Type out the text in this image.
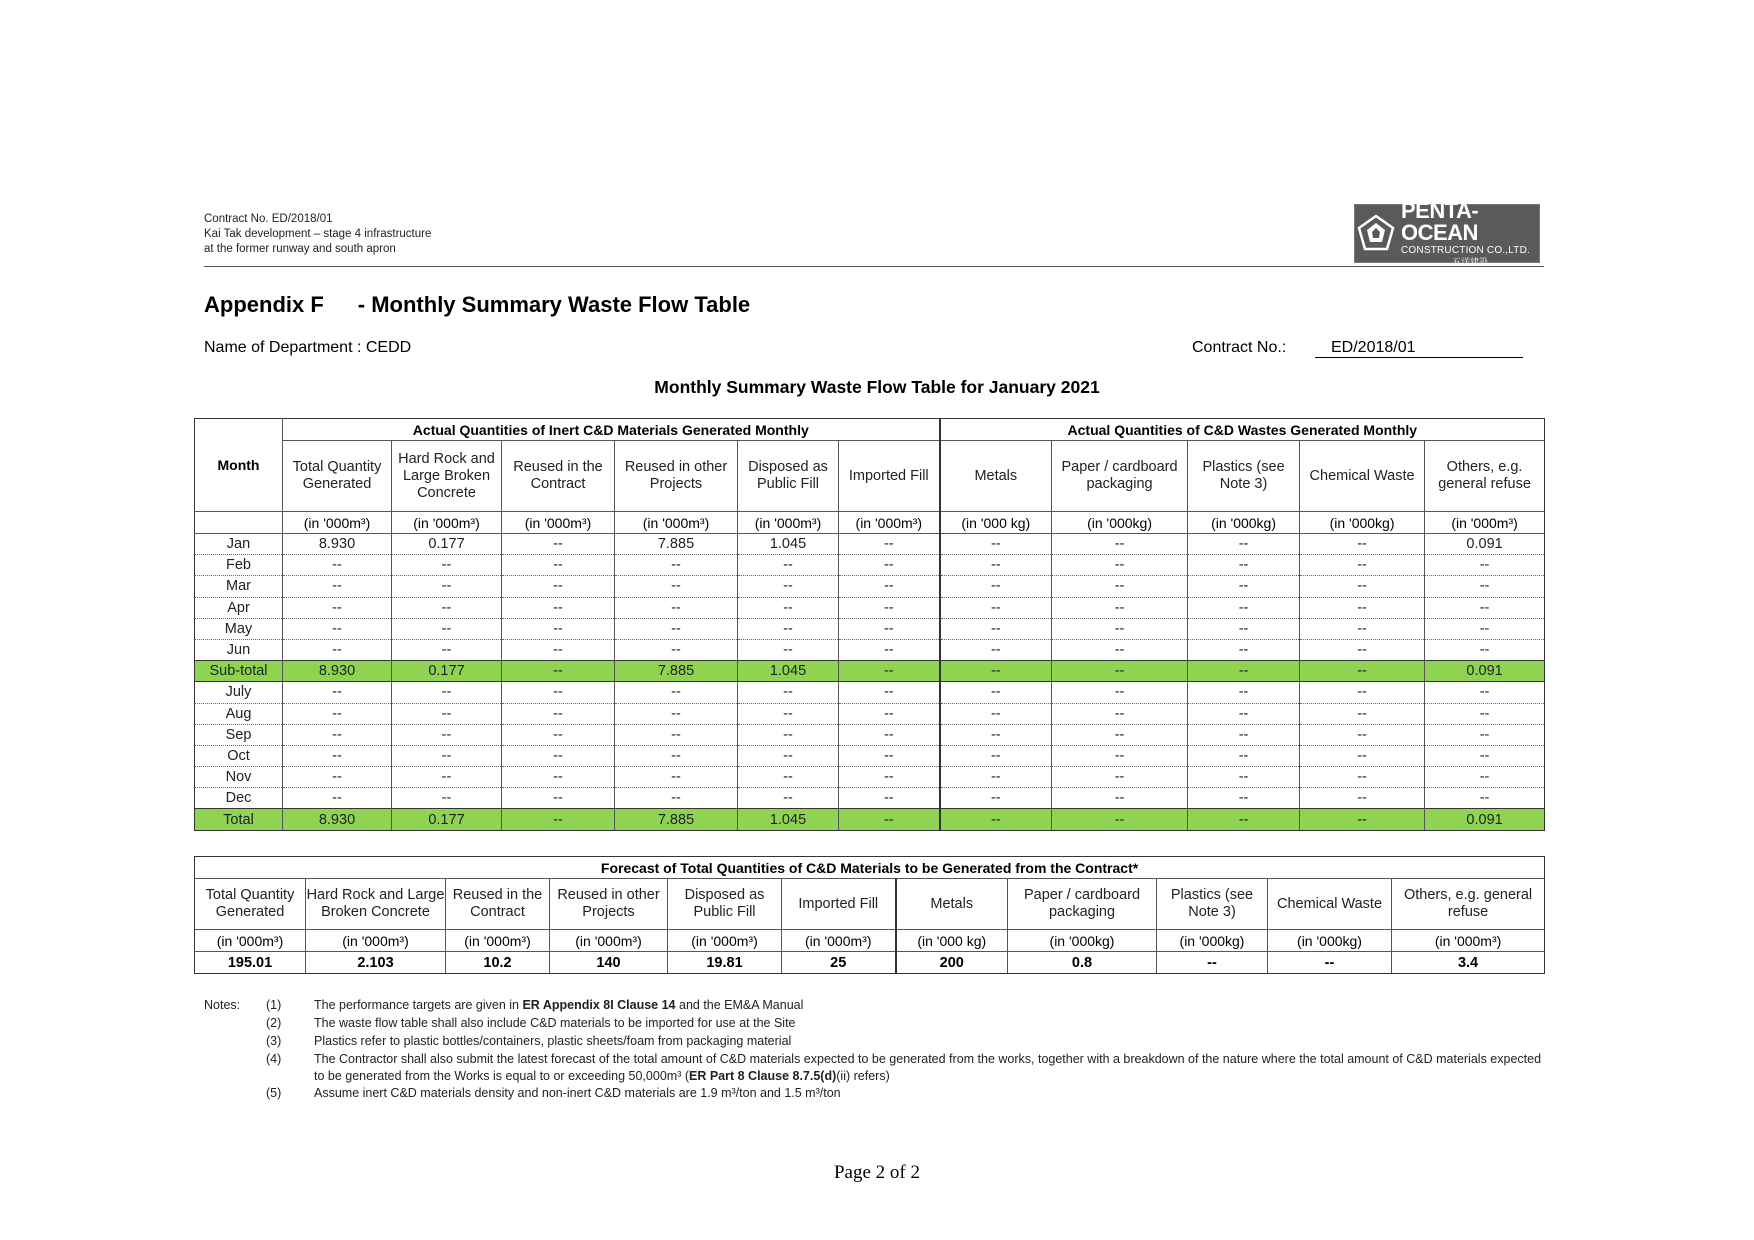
Contract No. ED/2018/01
Kai Tak development – stage 4 infrastructure
at the former runway and south apron
PENTA-OCEAN
CONSTRUCTION CO.,LTD.
五洋建設
Appendix F - Monthly Summary Waste Flow Table
Name of Department : CEDD	Contract No.:	ED/2018/01
Monthly Summary Waste Flow Table for January 2021
Month	Actual Quantities of Inert C&D Materials Generated Monthly						Actual Quantities of C&D Wastes Generated Monthly				
	Total Quantity Generated	Hard Rock and Large Broken Concrete	Reused in the Contract	Reused in other Projects	Disposed as Public Fill	Imported Fill	Metals	Paper / cardboard packaging	Plastics (see Note 3)	Chemical Waste	Others, e.g. general refuse
	(in '000m³)	(in '000m³)	(in '000m³)	(in '000m³)	(in '000m³)	(in '000m³)	(in '000 kg)	(in '000kg)	(in '000kg)	(in '000kg)	(in '000m³)
Jan	8.930	0.177	--	7.885	1.045	--	--	--	--	--	0.091
Feb	--	--	--	--	--	--	--	--	--	--	--
Mar	--	--	--	--	--	--	--	--	--	--	--
Apr	--	--	--	--	--	--	--	--	--	--	--
May	--	--	--	--	--	--	--	--	--	--	--
Jun	--	--	--	--	--	--	--	--	--	--	--
Sub-total	8.930	0.177	--	7.885	1.045	--	--	--	--	--	0.091
July	--	--	--	--	--	--	--	--	--	--	--
Aug	--	--	--	--	--	--	--	--	--	--	--
Sep	--	--	--	--	--	--	--	--	--	--	--
Oct	--	--	--	--	--	--	--	--	--	--	--
Nov	--	--	--	--	--	--	--	--	--	--	--
Dec	--	--	--	--	--	--	--	--	--	--	--
Total	8.930	0.177	--	7.885	1.045	--	--	--	--	--	0.091
Forecast of Total Quantities of C&D Materials to be Generated from the Contract*										
Total Quantity Generated	Hard Rock and Large Broken Concrete	Reused in the Contract	Reused in other Projects	Disposed as Public Fill	Imported Fill	Metals	Paper / cardboard packaging	Plastics (see Note 3)	Chemical Waste	Others, e.g. general refuse
(in '000m³)	(in '000m³)	(in '000m³)	(in '000m³)	(in '000m³)	(in '000m³)	(in '000 kg)	(in '000kg)	(in '000kg)	(in '000kg)	(in '000m³)
195.01	2.103	10.2	140	19.81	25	200	0.8	--	--	3.4
Notes:	(1)	The performance targets are given in ER Appendix 8I Clause 14 and the EM&A Manual
(2)	The waste flow table shall also include C&D materials to be imported for use at the Site
(3)	Plastics refer to plastic bottles/containers, plastic sheets/foam from packaging material
(4)	The Contractor shall also submit the latest forecast of the total amount of C&D materials expected to be generated from the works, together with a breakdown of the nature where the total amount of C&D materials expected to be generated from the Works is equal to or exceeding 50,000m³ (ER Part 8 Clause 8.7.5(d)(ii) refers)
(5)	Assume inert C&D materials density and non-inert C&D materials are 1.9 m³/ton and 1.5 m³/ton
Page 2 of 2
